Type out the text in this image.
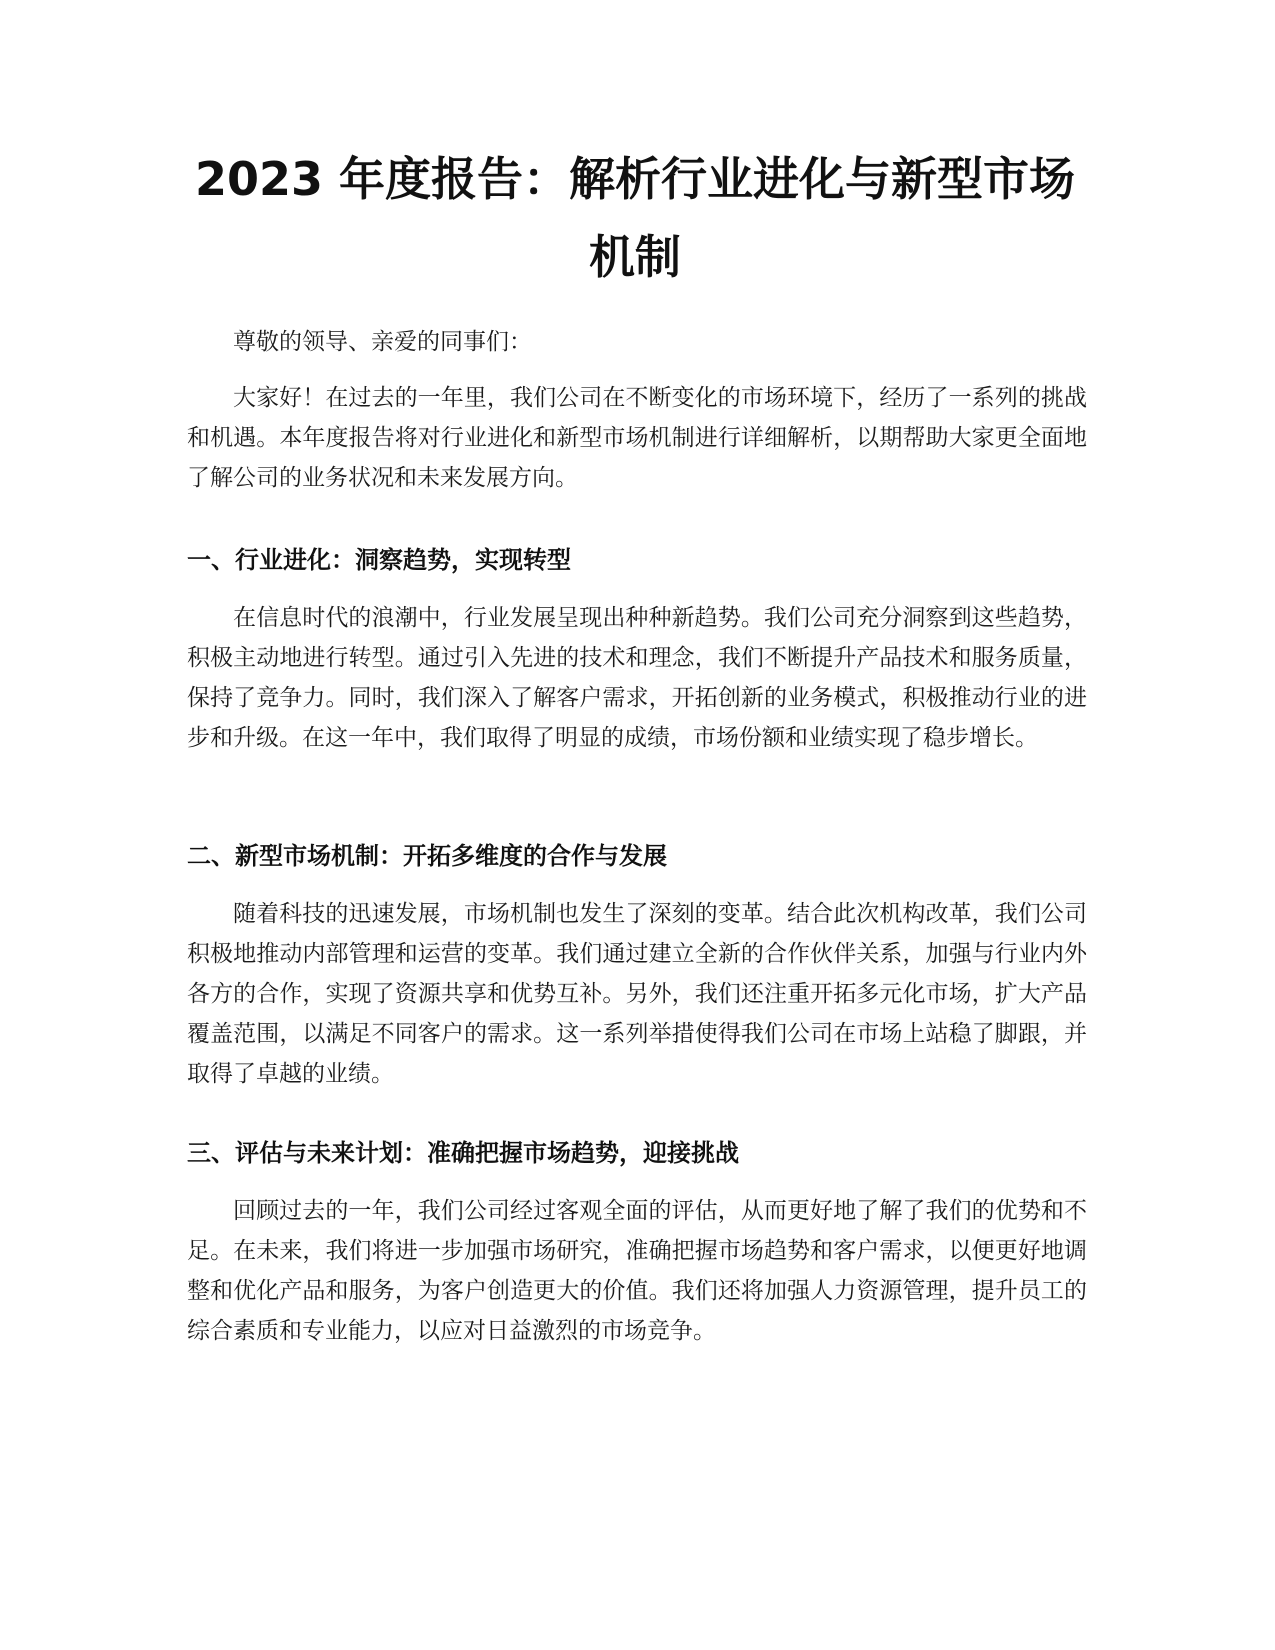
2023 年度报告：解析行业进化与新型市场机制

尊敬的领导、亲爱的同事们：

大家好！在过去的一年里，我们公司在不断变化的市场环境下，经历了一系列的挑战和机遇。本年度报告将对行业进化和新型市场机制进行详细解析，以期帮助大家更全面地了解公司的业务状况和未来发展方向。

一、行业进化：洞察趋势，实现转型

在信息时代的浪潮中，行业发展呈现出种种新趋势。我们公司充分洞察到这些趋势，积极主动地进行转型。通过引入先进的技术和理念，我们不断提升产品技术和服务质量，保持了竞争力。同时，我们深入了解客户需求，开拓创新的业务模式，积极推动行业的进步和升级。在这一年中，我们取得了明显的成绩，市场份额和业绩实现了稳步增长。

二、新型市场机制：开拓多维度的合作与发展

随着科技的迅速发展，市场机制也发生了深刻的变革。结合此次机构改革，我们公司积极地推动内部管理和运营的变革。我们通过建立全新的合作伙伴关系，加强与行业内外各方的合作，实现了资源共享和优势互补。另外，我们还注重开拓多元化市场，扩大产品覆盖范围，以满足不同客户的需求。这一系列举措使得我们公司在市场上站稳了脚跟，并取得了卓越的业绩。

三、评估与未来计划：准确把握市场趋势，迎接挑战

回顾过去的一年，我们公司经过客观全面的评估，从而更好地了解了我们的优势和不足。在未来，我们将进一步加强市场研究，准确把握市场趋势和客户需求，以便更好地调整和优化产品和服务，为客户创造更大的价值。我们还将加强人力资源管理，提升员工的综合素质和专业能力，以应对日益激烈的市场竞争。
